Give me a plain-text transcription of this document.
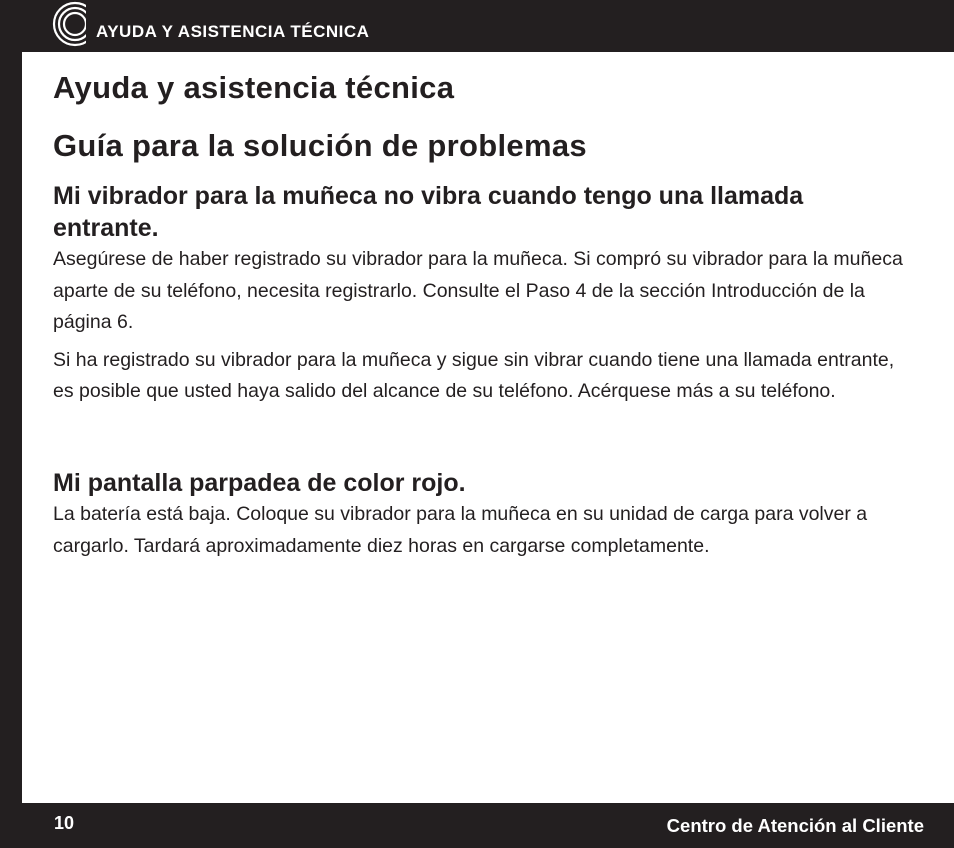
AYUDA Y ASISTENCIA TÉCNICA
Ayuda y asistencia técnica
Guía para la solución de problemas
Mi vibrador para la muñeca no vibra cuando tengo una llamada entrante.

Asegúrese de haber registrado su vibrador para la muñeca. Si compró su vibrador para la muñeca aparte de su teléfono, necesita registrarlo. Consulte el Paso 4 de la sección Introducción de la página 6.

Si ha registrado su vibrador para la muñeca y sigue sin vibrar cuando tiene una llamada entrante, es posible que usted haya salido del alcance de su teléfono. Acérquese más a su teléfono.

Mi pantalla parpadea de color rojo.

La batería está baja. Coloque su vibrador para la muñeca en su unidad de carga para volver a cargarlo. Tardará aproximadamente diez horas en cargarse completamente.

10	Centro de Atención al Cliente
